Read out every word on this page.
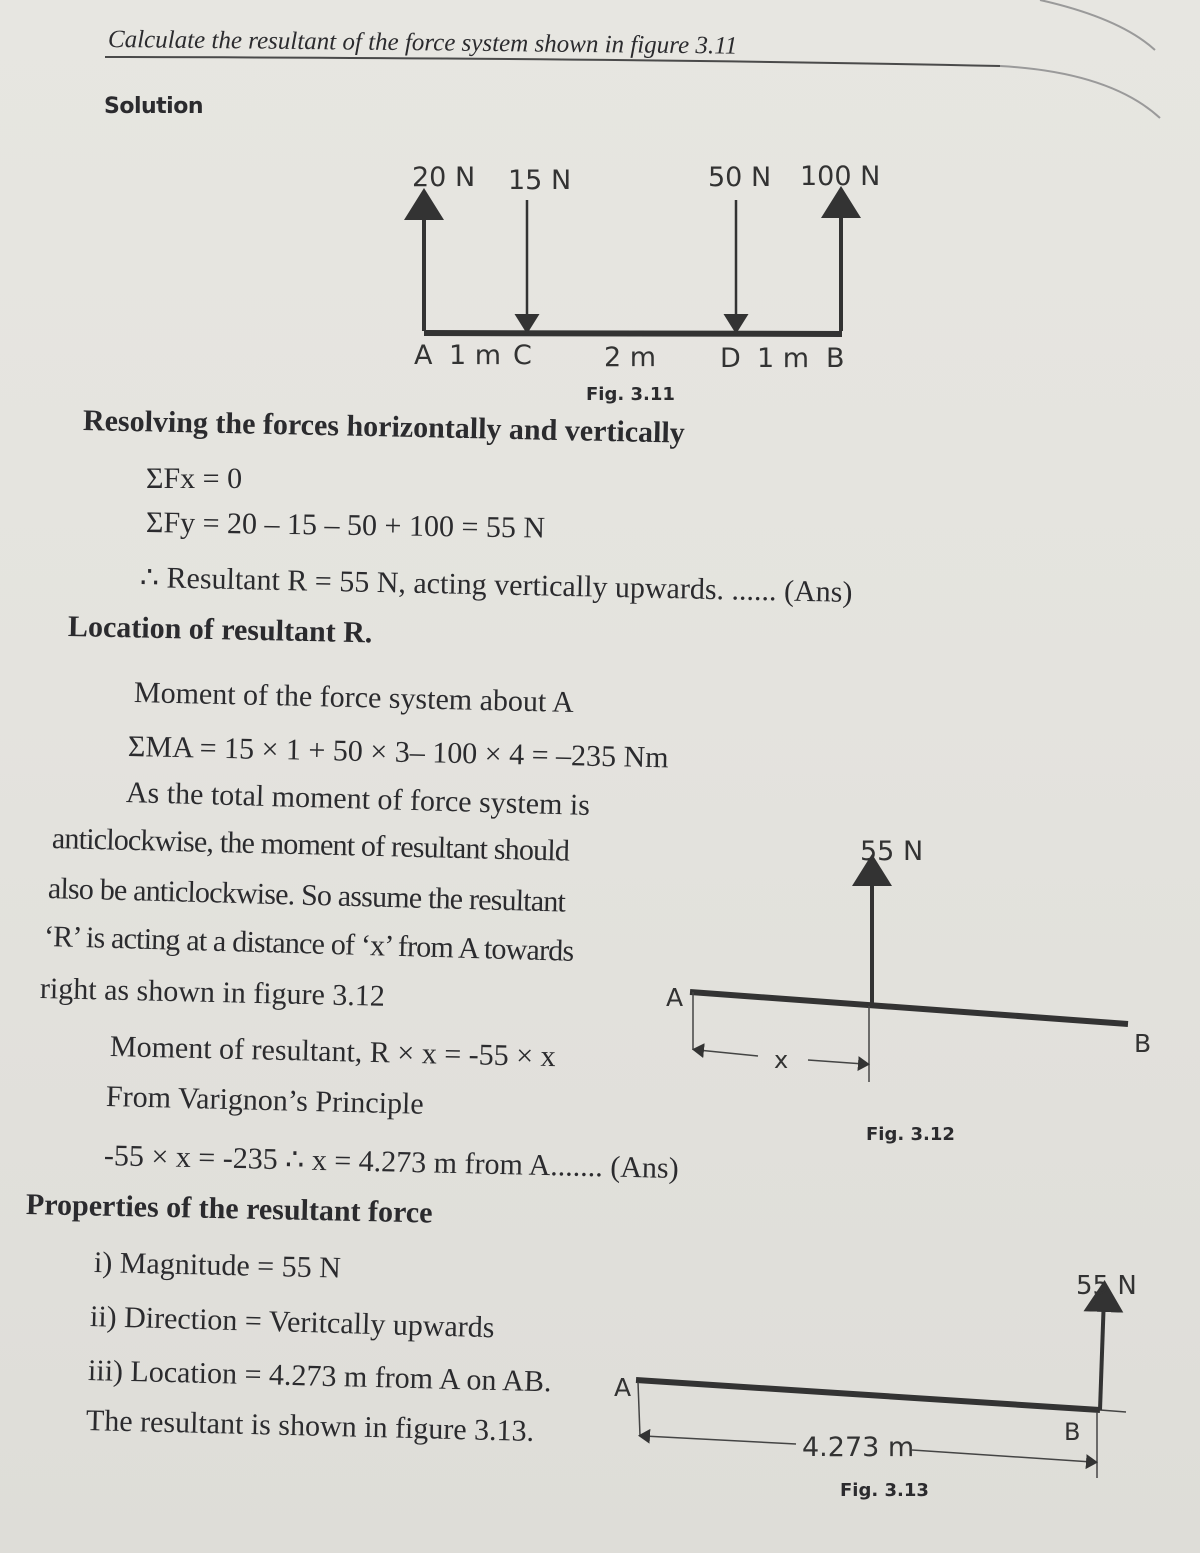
Calculate the resultant of the force system shown in figure 3.11
Solution
20 N 15 N	50 N 100 N
A 1 m C	2 m D 1 m B
Fig. 3.11
Resolving the forces horizontally and vertically
ΣFx = 0
ΣFy = 20 – 15 – 50 + 100 = 55 N
∴ Resultant R = 55 N, acting vertically upwards. ...... (Ans)
Location of resultant R.
Moment of the force system about A
ΣMA = 15 × 1 + 50 × 3– 100 × 4 = –235 Nm
As the total moment of force system is
anticlockwise, the moment of resultant should
also be anticlockwise. So assume the resultant
‘R’ is acting at a distance of ‘x’ from A towards
right as shown in figure 3.12
Moment of resultant, R × x = -55 × x
From Varignon’s Principle
-55 × x = -235 ∴ x = 4.273 m from A....... (Ans)
55 N
A
B
x
Fig. 3.12
Properties of the resultant force
i) Magnitude = 55 N
ii) Direction = Veritcally upwards
iii) Location = 4.273 m from A on AB.
The resultant is shown in figure 3.13.
55 N
A
B
4.273 m
Fig. 3.13
